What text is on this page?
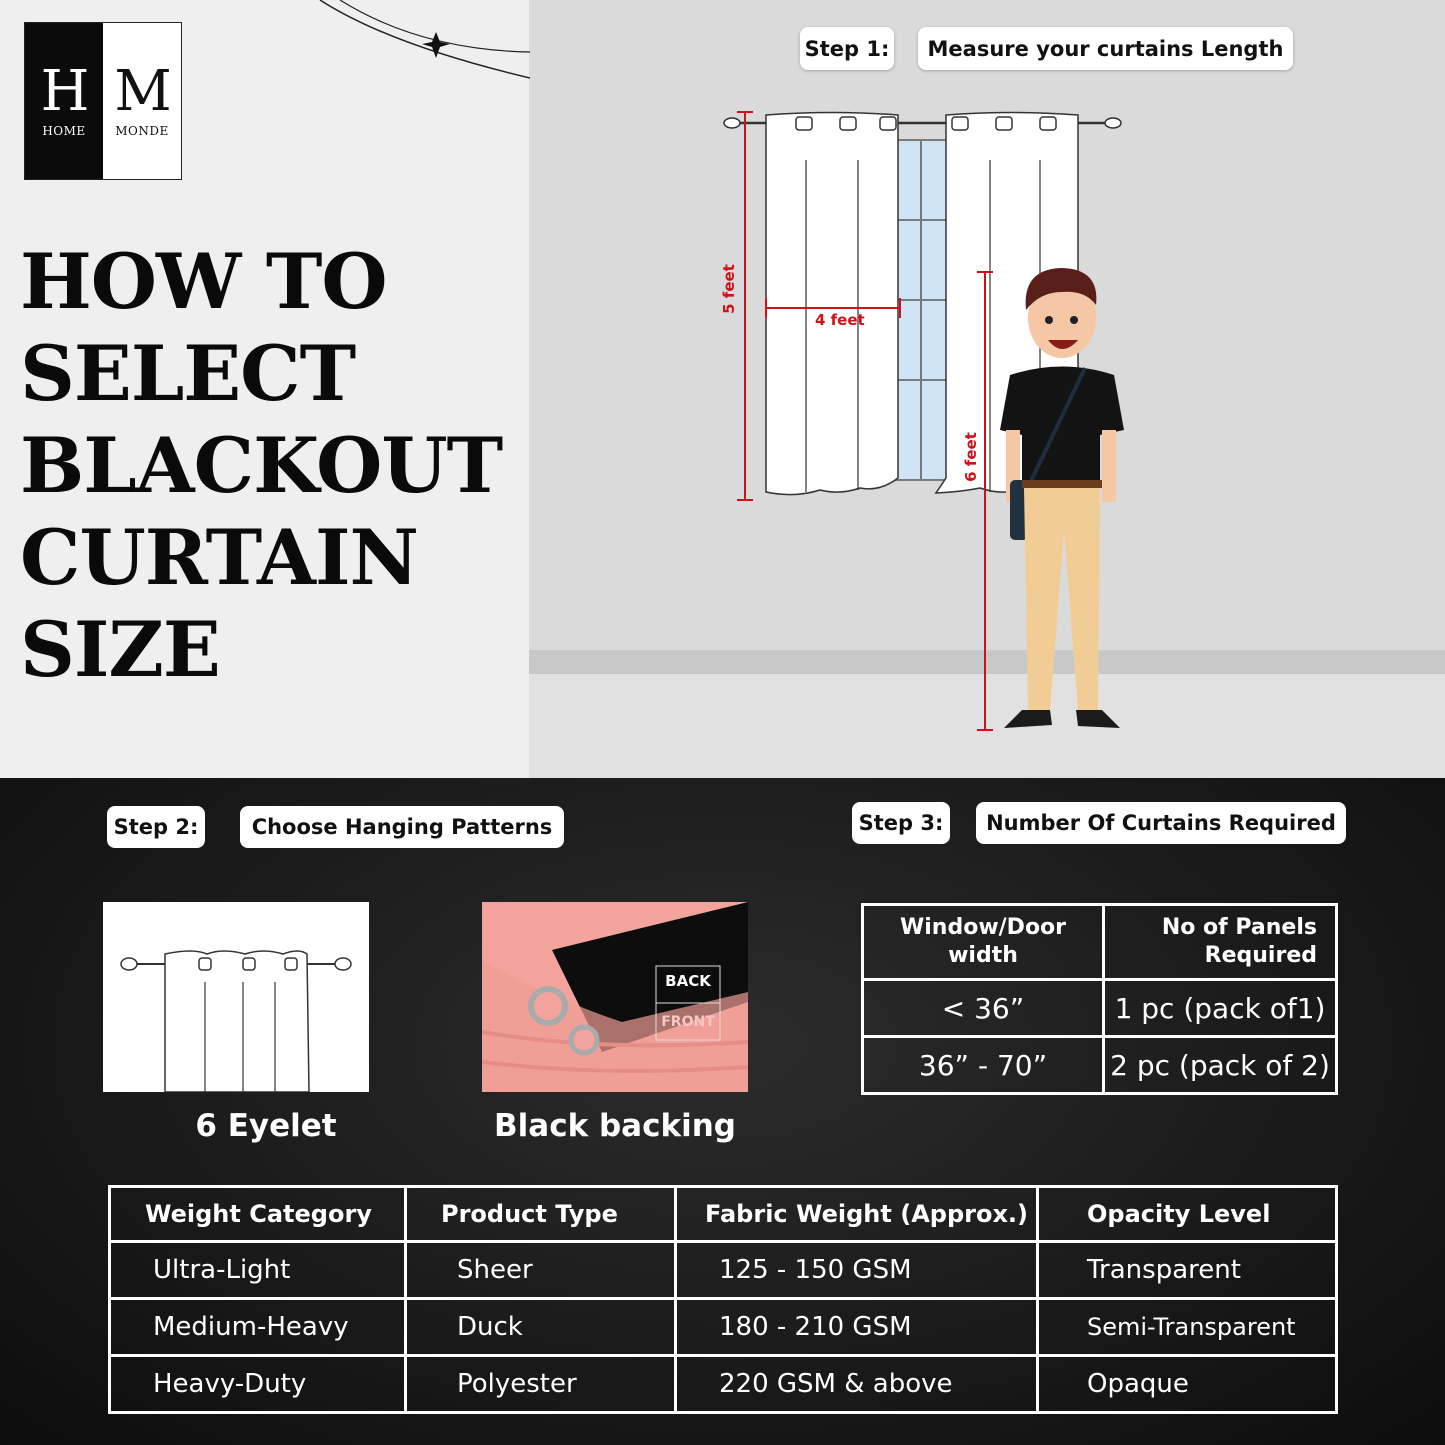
H
HOME
M
MONDE
HOW TO
SELECT
BLACKOUT
CURTAIN
SIZE
Step 1:	Measure your curtains Length
5 feet
4 feet
6 feet
Step 2:	Choose Hanging Patterns	Step 3:	Number Of Curtains Required
6 Eyelet
BACK
FRONT
Black backing
Window/Door width	No of Panels Required
< 36”	1 pc (pack of1)
36” - 70”	2 pc (pack of 2)
Weight Category	Product Type	Fabric Weight (Approx.)	Opacity Level
Ultra-Light	Sheer	125 - 150 GSM	Transparent
Medium-Heavy	Duck	180 - 210 GSM	Semi-Transparent
Heavy-Duty	Polyester	220 GSM & above	Opaque
